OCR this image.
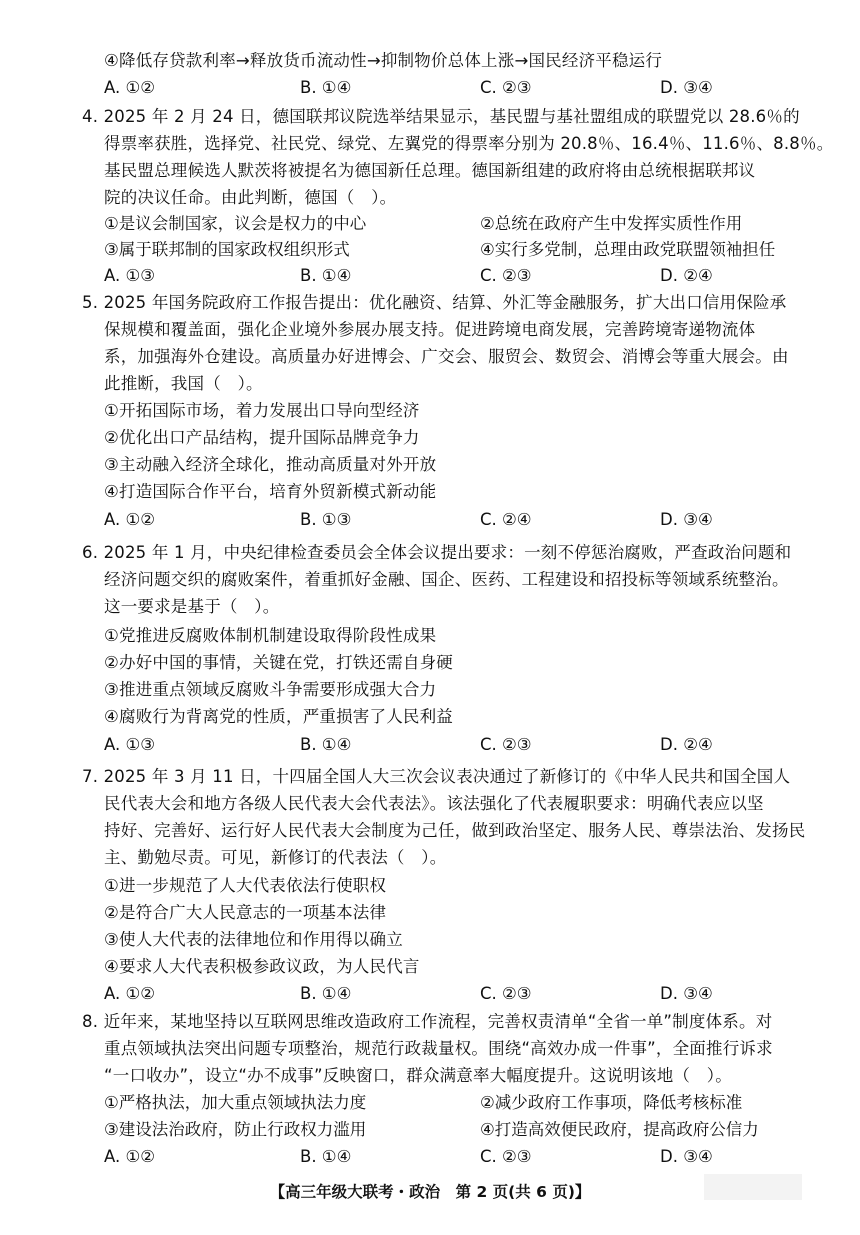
④降低存贷款利率→释放货币流动性→抑制物价总体上涨→国民经济平稳运行
A. ①②	B. ①④	C. ②③	D. ③④
4. 2025 年 2 月 24 日，德国联邦议院选举结果显示，基民盟与基社盟组成的联盟党以 28.6％的
得票率获胜，选择党、社民党、绿党、左翼党的得票率分别为 20.8％、16.4％、11.6％、8.8％。
基民盟总理候选人默茨将被提名为德国新任总理。德国新组建的政府将由总统根据联邦议
院的决议任命。由此判断，德国（　）。
①是议会制国家，议会是权力的中心	②总统在政府产生中发挥实质性作用
③属于联邦制的国家政权组织形式	④实行多党制，总理由政党联盟领袖担任
A. ①③	B. ①④	C. ②③	D. ②④
5. 2025 年国务院政府工作报告提出：优化融资、结算、外汇等金融服务，扩大出口信用保险承
保规模和覆盖面，强化企业境外参展办展支持。促进跨境电商发展，完善跨境寄递物流体
系，加强海外仓建设。高质量办好进博会、广交会、服贸会、数贸会、消博会等重大展会。由
此推断，我国（　）。
①开拓国际市场，着力发展出口导向型经济
②优化出口产品结构，提升国际品牌竞争力
③主动融入经济全球化，推动高质量对外开放
④打造国际合作平台，培育外贸新模式新动能
A. ①②	B. ①③	C. ②④	D. ③④
6. 2025 年 1 月，中央纪律检查委员会全体会议提出要求：一刻不停惩治腐败，严查政治问题和
经济问题交织的腐败案件，着重抓好金融、国企、医药、工程建设和招投标等领域系统整治。
这一要求是基于（　）。
①党推进反腐败体制机制建设取得阶段性成果
②办好中国的事情，关键在党，打铁还需自身硬
③推进重点领域反腐败斗争需要形成强大合力
④腐败行为背离党的性质，严重损害了人民利益
A. ①③	B. ①④	C. ②③	D. ②④
7. 2025 年 3 月 11 日，十四届全国人大三次会议表决通过了新修订的《中华人民共和国全国人
民代表大会和地方各级人民代表大会代表法》。该法强化了代表履职要求：明确代表应以坚
持好、完善好、运行好人民代表大会制度为己任，做到政治坚定、服务人民、尊崇法治、发扬民
主、勤勉尽责。可见，新修订的代表法（　）。
①进一步规范了人大代表依法行使职权
②是符合广大人民意志的一项基本法律
③使人大代表的法律地位和作用得以确立
④要求人大代表积极参政议政，为人民代言
A. ①②	B. ①④	C. ②③	D. ③④
8. 近年来，某地坚持以互联网思维改造政府工作流程，完善权责清单“全省一单”制度体系。对
重点领域执法突出问题专项整治，规范行政裁量权。围绕“高效办成一件事”，全面推行诉求
“一口收办”，设立“办不成事”反映窗口，群众满意率大幅度提升。这说明该地（　）。
①严格执法，加大重点领域执法力度	②减少政府工作事项，降低考核标准
③建设法治政府，防止行政权力滥用	④打造高效便民政府，提高政府公信力
A. ①②	B. ①④	C. ②③	D. ③④
【高三年级大联考・政治　第 2 页(共 6 页)】
